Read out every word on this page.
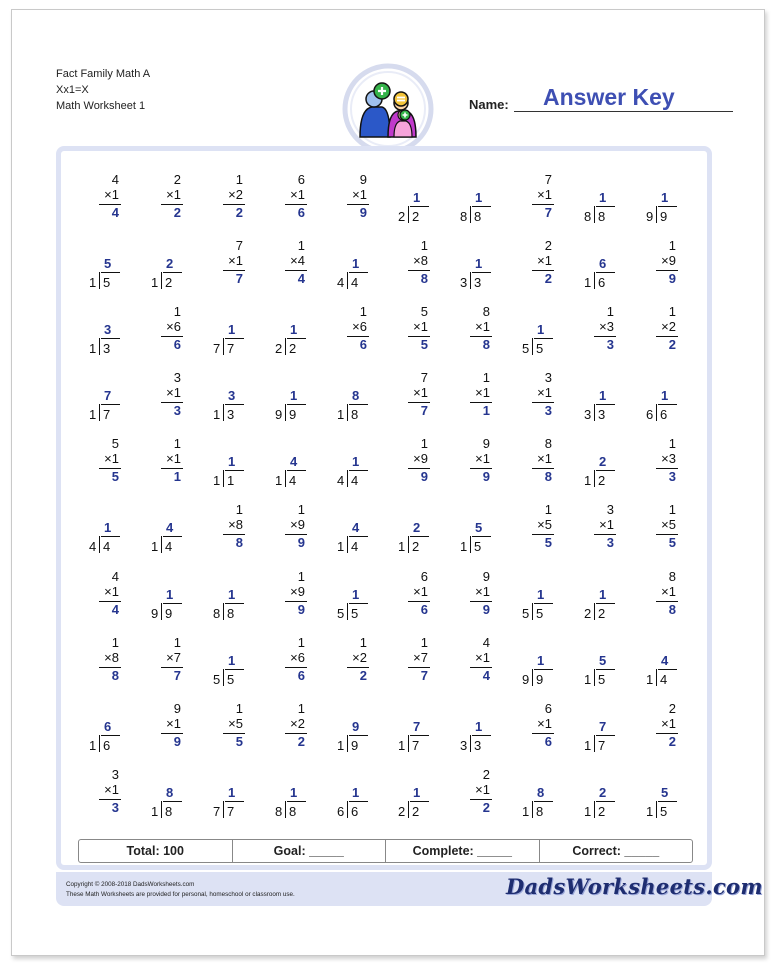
Fact Family Math A
Xx1=X
Math Worksheet 1	Answer Key
Name:
4
×1
4
2
×1
2
1
×2
2
6
×1
6
9
×1
9
1
2 2
1
8 8
7
×1
7
1
8 8
1
9 9
5
1 5
2
1 2
7
×1
7
1
×4
4
1
4 4
1
×8
8
1
3 3
2
×1
2
6
1 6
1
×9
9
3
1 3
1
×6
6
1
7 7
1
2 2
1
×6
6
5
×1
5
8
×1
8
1
5 5
1
×3
3
1
×2
2
7
1 7
3
×1
3
3
1 3
1
9 9
8
1 8
7
×1
7
1
×1
1
3
×1
3
1
3 3
1
6 6
5
×1
5
1
×1
1
1
1 1
4
1 4
1
4 4
1
×9
9
9
×1
9
8
×1
8
2
1 2
1
×3
3
1
4 4
4
1 4
1
×8
8
1
×9
9
4
1 4
2
1 2
5
1 5
1
×5
5
3
×1
3
1
×5
5
4
×1
4
1
9 9
1
8 8
1
×9
9
1
5 5
6
×1
6
9
×1
9
1
5 5
1
2 2
8
×1
8
1
×8
8
1
×7
7
1
5 5
1
×6
6
1
×2
2
1
×7
7
4
×1
4
1
9 9
5
1 5
4
1 4
6
1 6
9
×1
9
1
×5
5
1
×2
2
9
1 9
7
1 7
1
3 3
6
×1
6
7
1 7
2
×1
2
3
×1
3
8
1 8
1
7 7
1
8 8
1
6 6
1
2 2
2
×1
2
8
1 8
2
1 2
5
1 5
Total: 100	Goal: _____	Complete: _____	Correct: _____
Copyright © 2008-2018 DadsWorksheets.com
These Math Worksheets are provided for personal, homeschool or classroom use.	DadsWorksheets.com
